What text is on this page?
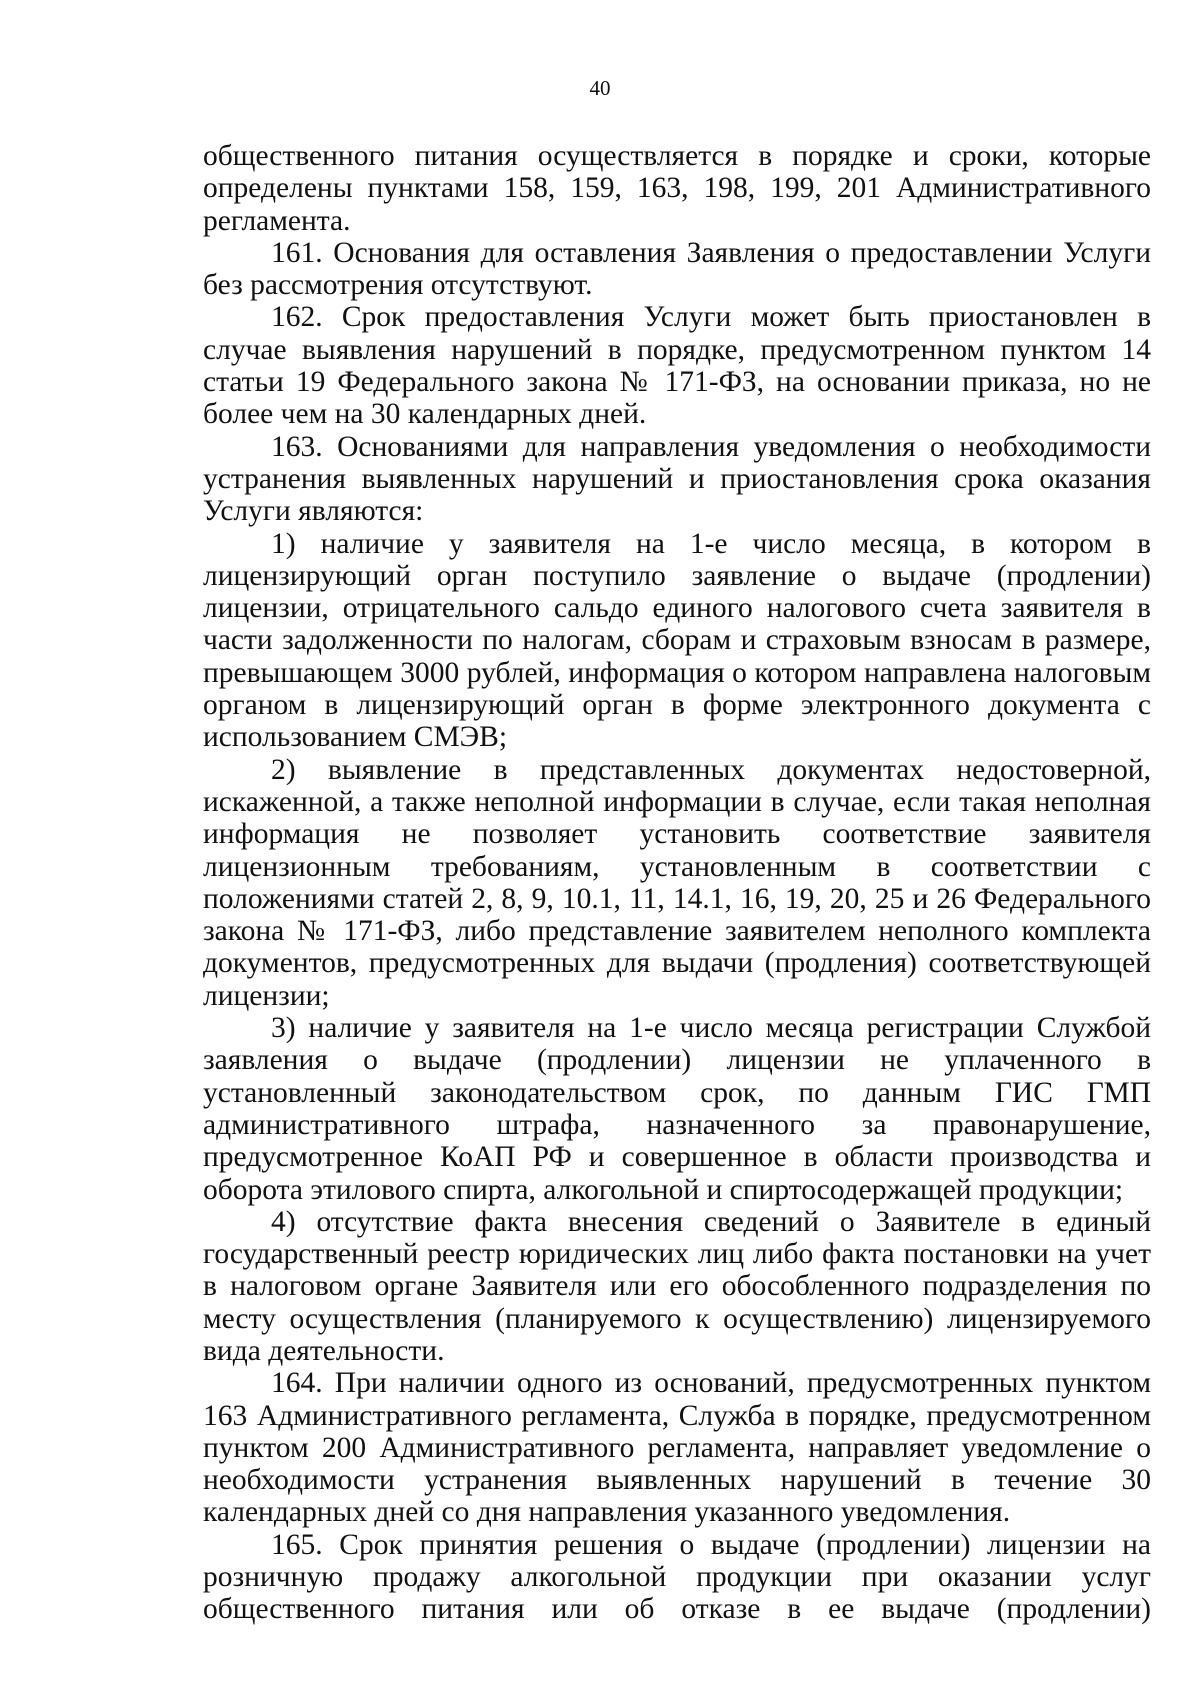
40

общественного питания осуществляется в порядке и сроки, которые определены пунктами 158, 159, 163, 198, 199, 201 Административного регламента.

161. Основания для оставления Заявления о предоставлении Услуги без рассмотрения отсутствуют.

162. Срок предоставления Услуги может быть приостановлен в случае выявления нарушений в порядке, предусмотренном пунктом 14 статьи 19 Федерального закона № 171-ФЗ, на основании приказа, но не более чем на 30 календарных дней.

163. Основаниями для направления уведомления о необходимости устранения выявленных нарушений и приостановления срока оказания Услуги являются:

1) наличие у заявителя на 1-е число месяца, в котором в лицензирующий орган поступило заявление о выдаче (продлении) лицензии, отрицательного сальдо единого налогового счета заявителя в части задолженности по налогам, сборам и страховым взносам в размере, превышающем 3000 рублей, информация о котором направлена налоговым органом в лицензирующий орган в форме электронного документа с использованием СМЭВ;

2) выявление в представленных документах недостоверной, искаженной, а также неполной информации в случае, если такая неполная информация не позволяет установить соответствие заявителя лицензионным требованиям, установленным в соответствии с положениями статей 2, 8, 9, 10.1, 11, 14.1, 16, 19, 20, 25 и 26 Федерального закона № 171-ФЗ, либо представление заявителем неполного комплекта документов, предусмотренных для выдачи (продления) соответствующей лицензии;

3) наличие у заявителя на 1-е число месяца регистрации Службой заявления о выдаче (продлении) лицензии не уплаченного в установленный законодательством срок, по данным ГИС ГМП административного штрафа, назначенного за правонарушение, предусмотренное КоАП РФ и совершенное в области производства и оборота этилового спирта, алкогольной и спиртосодержащей продукции;

4) отсутствие факта внесения сведений о Заявителе в единый государственный реестр юридических лиц либо факта постановки на учет в налоговом органе Заявителя или его обособленного подразделения по месту осуществления (планируемого к осуществлению) лицензируемого вида деятельности.

164. При наличии одного из оснований, предусмотренных пунктом 163 Административного регламента, Служба в порядке, предусмотренном пунктом 200 Административного регламента, направляет уведомление о необходимости устранения выявленных нарушений в течение 30 календарных дней со дня направления указанного уведомления.

165. Срок принятия решения о выдаче (продлении) лицензии на розничную продажу алкогольной продукции при оказании услуг общественного питания или об отказе в ее выдаче (продлении)
